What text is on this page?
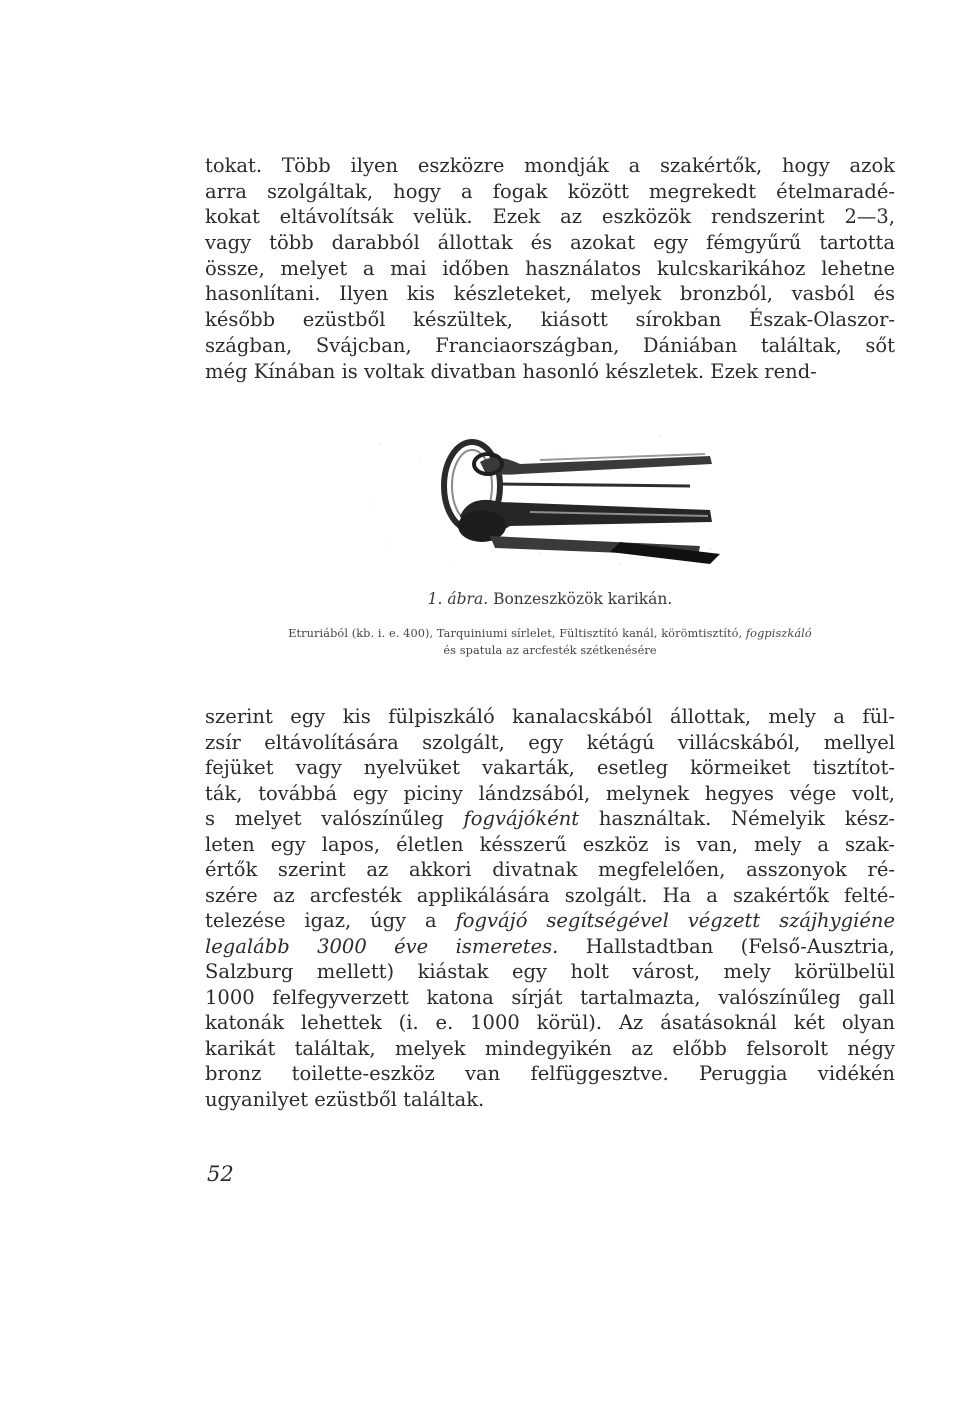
tokat. Több ilyen eszközre mondják a szakértők, hogy azok
arra szolgáltak, hogy a fogak között megrekedt ételmaradé-
kokat eltávolítsák velük. Ezek az eszközök rendszerint 2—3,
vagy több darabból állottak és azokat egy fémgyűrű tartotta
össze, melyet a mai időben használatos kulcskarikához lehetne
hasonlítani. Ilyen kis készleteket, melyek bronzból, vasból és
később ezüstből készültek, kiásott sírokban Észak-Olaszor-
szágban, Svájcban, Franciaországban, Dániában találtak, sőt
még Kínában is voltak divatban hasonló készletek. Ezek rend-

1. ábra. Bonzeszközök karikán.
Etruriából (kb. i. e. 400), Tarquiniumi sírlelet, Fültisztító kanál, körömtisztító, fogpiszkáló
és spatula az arcfesték szétkenésére

szerint egy kis fülpiszkáló kanalacskából állottak, mely a fül-
zsír eltávolítására szolgált, egy kétágú villácskából, mellyel
fejüket vagy nyelvüket vakarták, esetleg körmeiket tisztítot-
ták, továbbá egy piciny lándzsából, melynek hegyes vége volt,
s melyet valószínűleg fogvájóként használtak. Némelyik kész-
leten egy lapos, életlen késszerű eszköz is van, mely a szak-
értők szerint az akkori divatnak megfelelően, asszonyok ré-
szére az arcfesték applikálására szolgált. Ha a szakértők felté-
telezése igaz, úgy a fogvájó segítségével végzett szájhygiéne
legalább 3000 éve ismeretes. Hallstadtban (Felső-Ausztria,
Salzburg mellett) kiástak egy holt várost, mely körülbelül
1000 felfegyverzett katona sírját tartalmazta, valószínűleg gall
katonák lehettek (i. e. 1000 körül). Az ásatásoknál két olyan
karikát találtak, melyek mindegyikén az előbb felsorolt négy
bronz toilette-eszköz van felfüggesztve. Peruggia vidékén
ugyanilyet ezüstből találtak.

52
